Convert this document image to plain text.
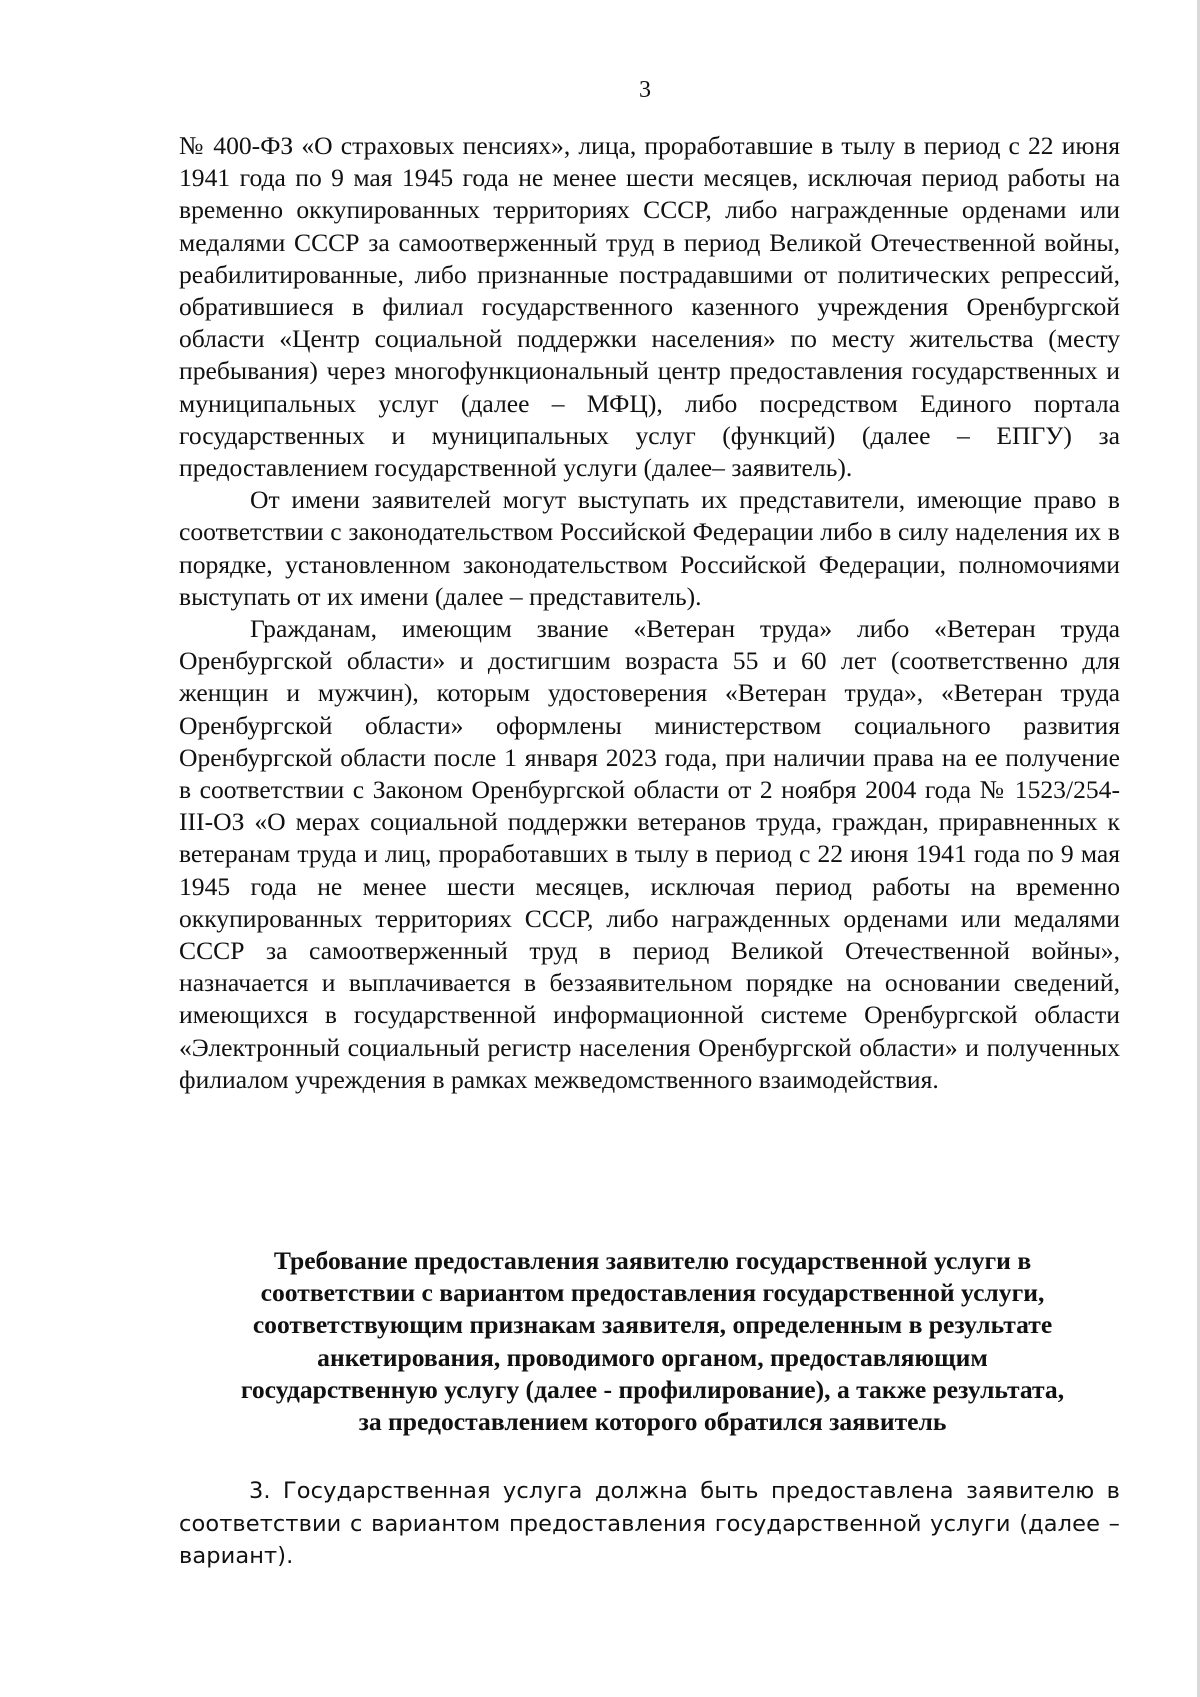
3

№ 400-ФЗ «О страховых пенсиях», лица, проработавшие в тылу в период с 22 июня 1941 года по 9 мая 1945 года не менее шести месяцев, исключая период работы на временно оккупированных территориях СССР, либо награжденные орденами или медалями СССР за самоотверженный труд в период Великой Отечественной войны, реабилитированные, либо признанные пострадавшими от политических репрессий, обратившиеся в филиал государственного казенного учреждения Оренбургской области «Центр социальной поддержки населения» по месту жительства (месту пребывания) через многофункциональный центр предоставления государственных и муниципальных услуг (далее – МФЦ), либо посредством Единого портала государственных и муниципальных услуг (функций) (далее – ЕПГУ) за предоставлением государственной услуги (далее– заявитель).

От имени заявителей могут выступать их представители, имеющие право в соответствии с законодательством Российской Федерации либо в силу наделения их в порядке, установленном законодательством Российской Федерации, полномочиями выступать от их имени (далее – представитель).

Гражданам, имеющим звание «Ветеран труда» либо «Ветеран труда Оренбургской области» и достигшим возраста 55 и 60 лет (соответственно для женщин и мужчин), которым удостоверения «Ветеран труда», «Ветеран труда Оренбургской области» оформлены министерством социального развития Оренбургской области после 1 января 2023 года, при наличии права на ее получение в соответствии с Законом Оренбургской области от 2 ноября 2004 года № 1523/254-III-ОЗ «О мерах социальной поддержки ветеранов труда, граждан, приравненных к ветеранам труда и лиц, проработавших в тылу в период с 22 июня 1941 года по 9 мая 1945 года не менее шести месяцев, исключая период работы на временно оккупированных территориях СССР, либо награжденных орденами или медалями СССР за самоотверженный труд в период Великой Отечественной войны», назначается и выплачивается в беззаявительном порядке на основании сведений, имеющихся в государственной информационной системе Оренбургской области «Электронный социальный регистр населения Оренбургской области» и полученных филиалом учреждения в рамках межведомственного взаимодействия.

Требование предоставления заявителю государственной услуги в
соответствии с вариантом предоставления государственной услуги,
соответствующим признакам заявителя, определенным в результате
анкетирования, проводимого органом, предоставляющим
государственную услугу (далее - профилирование), а также результата,
за предоставлением которого обратился заявитель

3. Государственная услуга должна быть предоставлена заявителю в соответствии с вариантом предоставления государственной услуги (далее – вариант).
